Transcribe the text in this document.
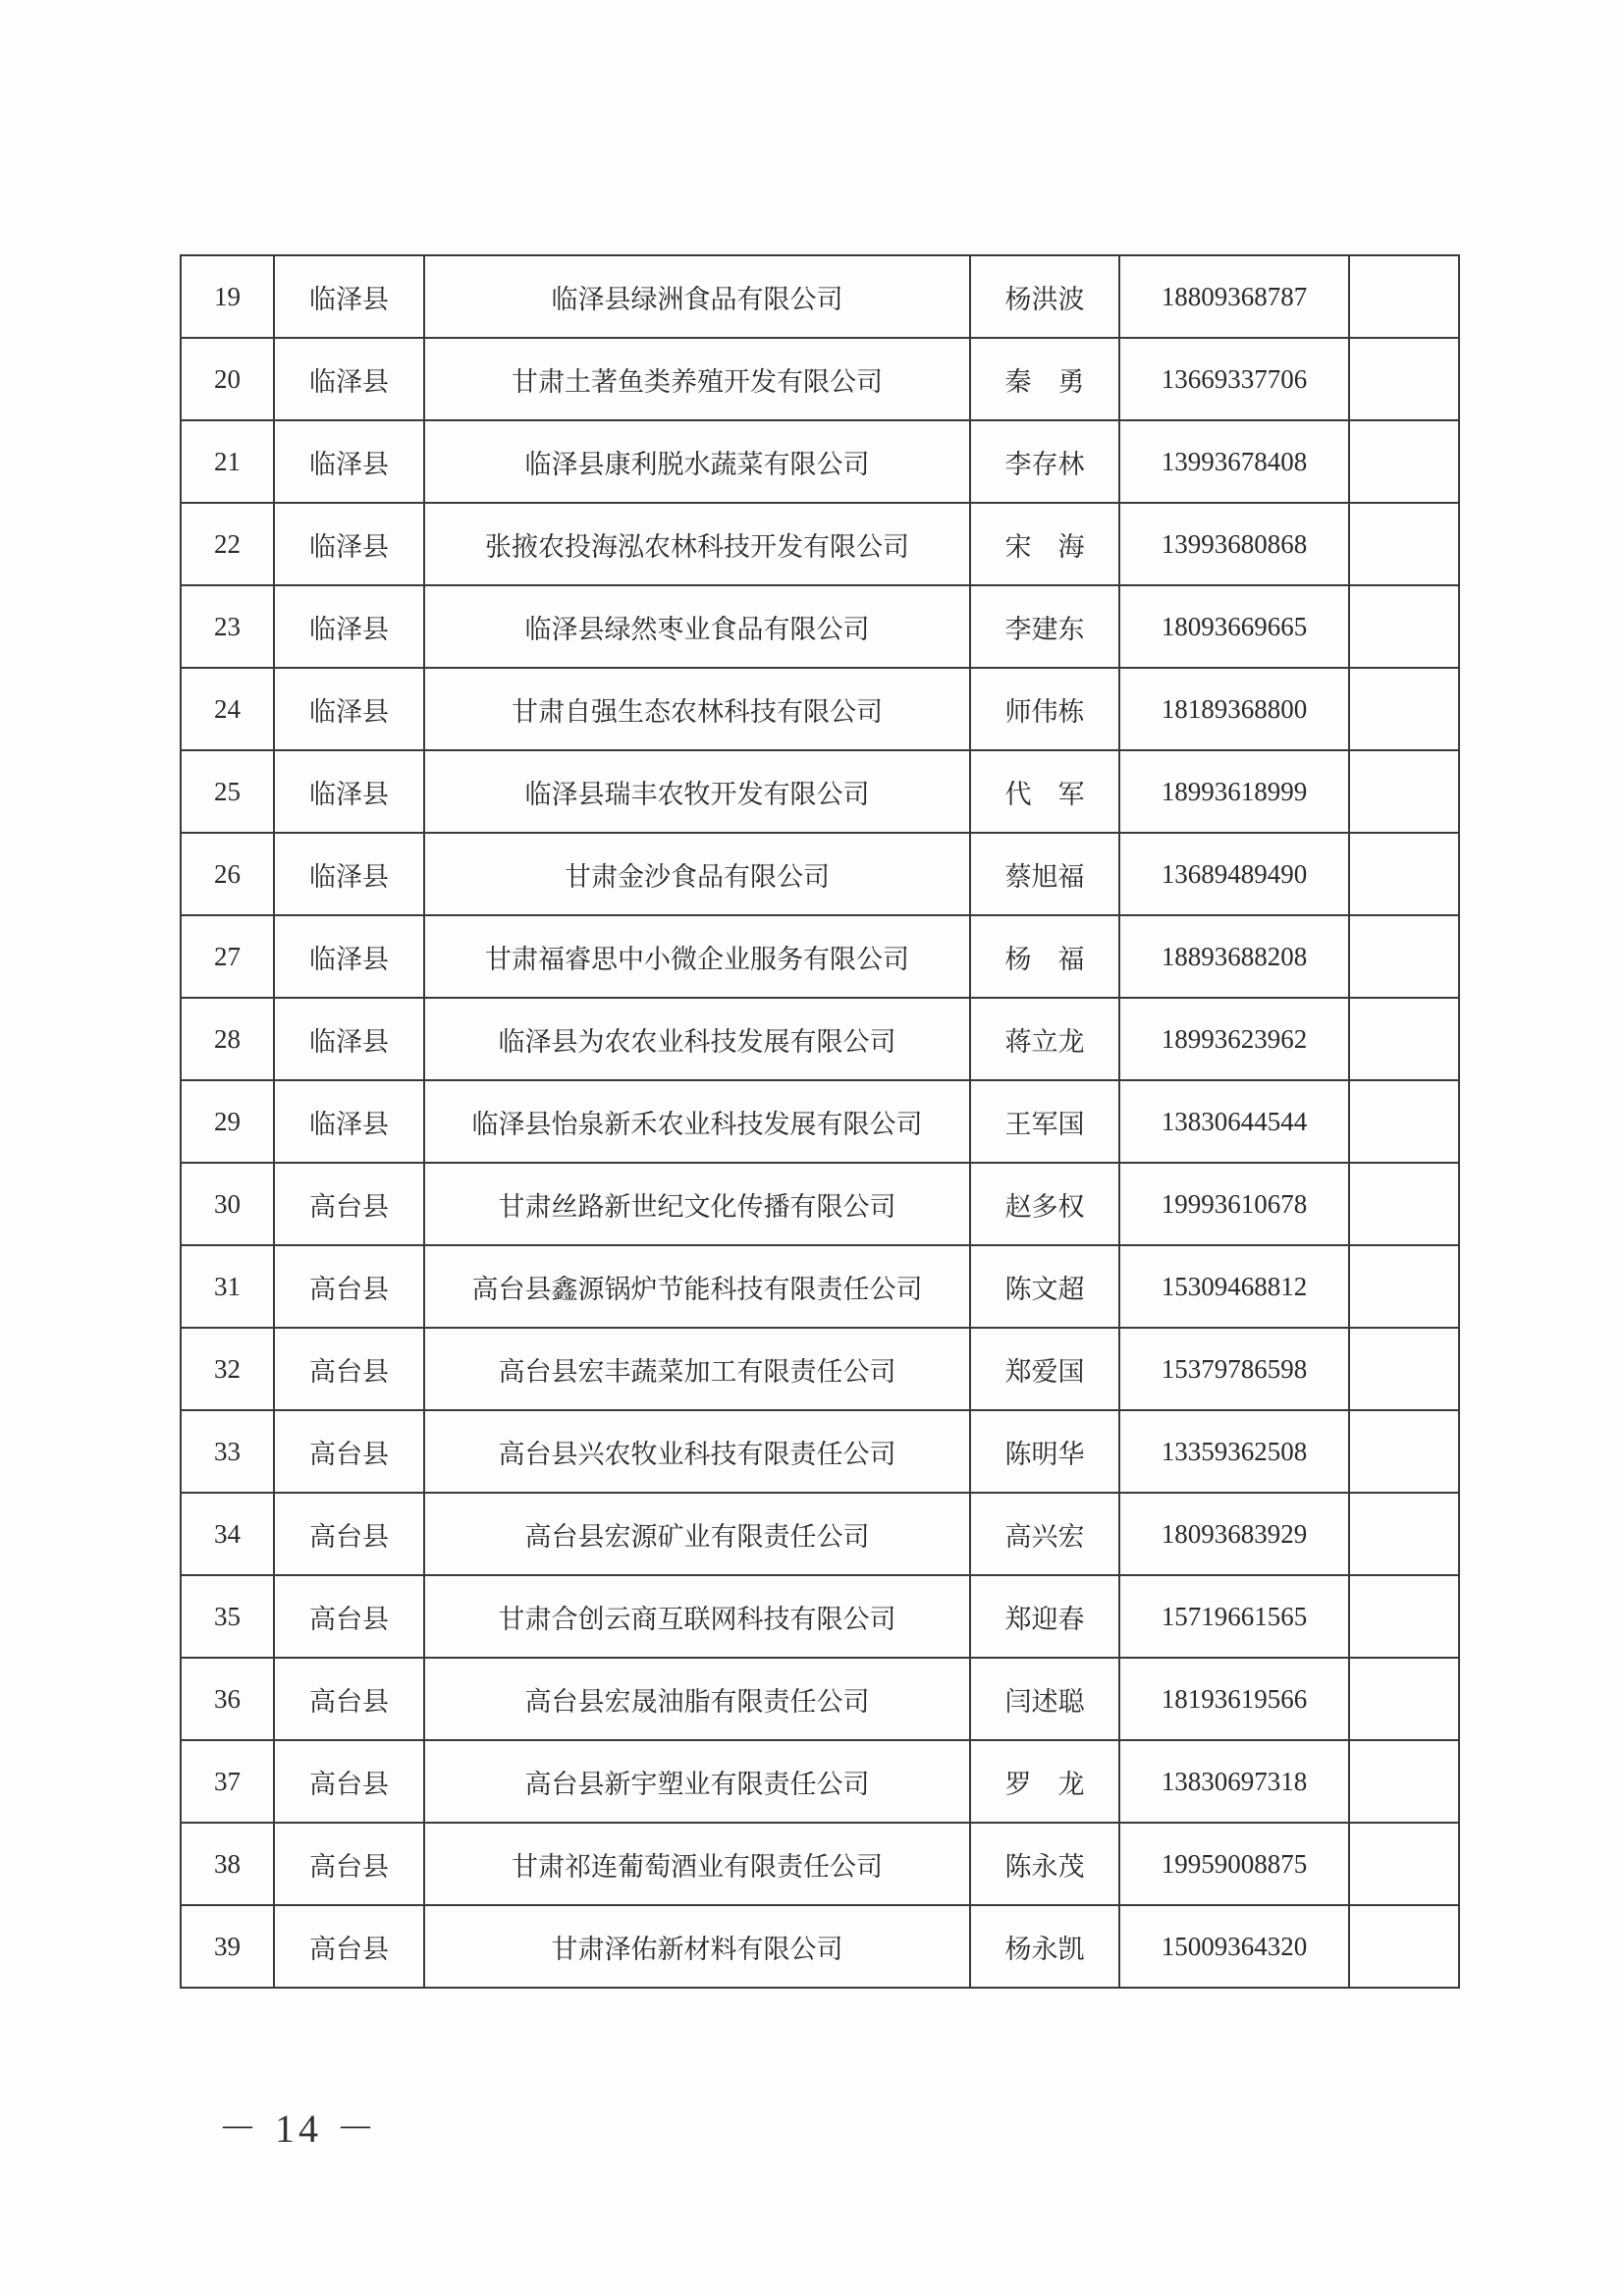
19	临泽县	临泽县绿洲食品有限公司	杨洪波	18809368787	
20	临泽县	甘肃土著鱼类养殖开发有限公司	秦　勇	13669337706	
21	临泽县	临泽县康利脱水蔬菜有限公司	李存林	13993678408	
22	临泽县	张掖农投海泓农林科技开发有限公司	宋　海	13993680868	
23	临泽县	临泽县绿然枣业食品有限公司	李建东	18093669665	
24	临泽县	甘肃自强生态农林科技有限公司	师伟栋	18189368800	
25	临泽县	临泽县瑞丰农牧开发有限公司	代　军	18993618999	
26	临泽县	甘肃金沙食品有限公司	蔡旭福	13689489490	
27	临泽县	甘肃福睿思中小微企业服务有限公司	杨　福	18893688208	
28	临泽县	临泽县为农农业科技发展有限公司	蒋立龙	18993623962	
29	临泽县	临泽县怡泉新禾农业科技发展有限公司	王军国	13830644544	
30	高台县	甘肃丝路新世纪文化传播有限公司	赵多权	19993610678	
31	高台县	高台县鑫源锅炉节能科技有限责任公司	陈文超	15309468812	
32	高台县	高台县宏丰蔬菜加工有限责任公司	郑爱国	15379786598	
33	高台县	高台县兴农牧业科技有限责任公司	陈明华	13359362508	
34	高台县	高台县宏源矿业有限责任公司	高兴宏	18093683929	
35	高台县	甘肃合创云商互联网科技有限公司	郑迎春	15719661565	
36	高台县	高台县宏晟油脂有限责任公司	闫述聪	18193619566	
37	高台县	高台县新宇塑业有限责任公司	罗　龙	13830697318	
38	高台县	甘肃祁连葡萄酒业有限责任公司	陈永茂	19959008875	
39	高台县	甘肃泽佑新材料有限公司	杨永凯	15009364320	
－ 14 －
